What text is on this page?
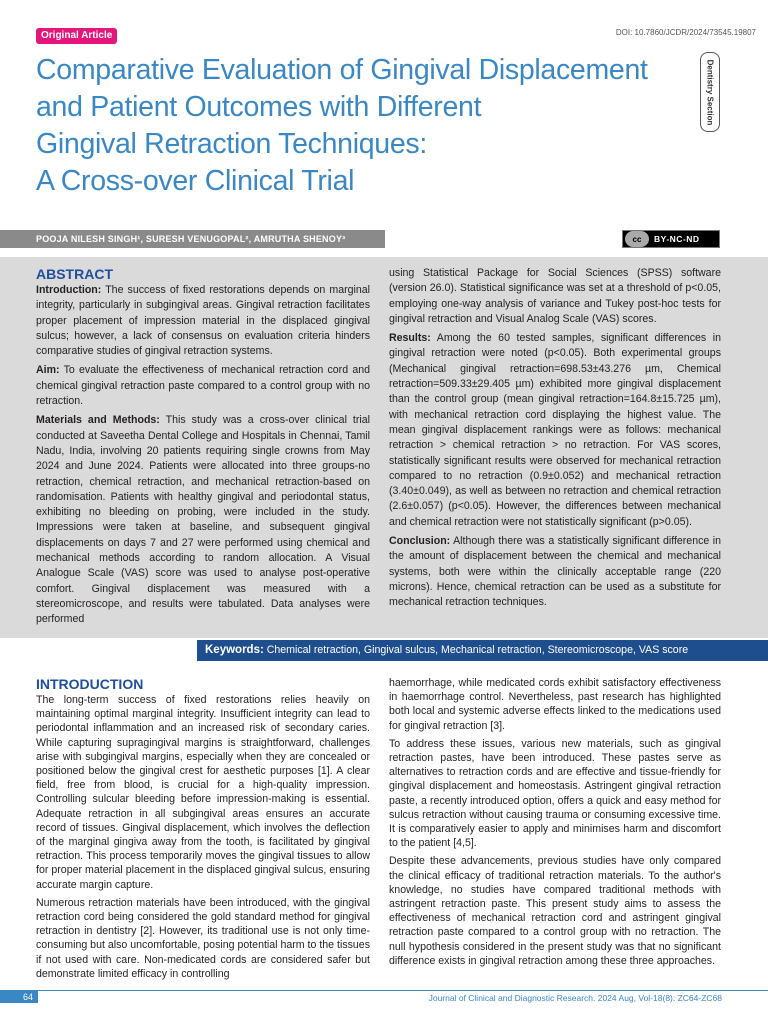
Original Article	DOI: 10.7860/JCDR/2024/73545.19807
Dentistry Section
Comparative Evaluation of Gingival Displacement
and Patient Outcomes with Different
Gingival Retraction Techniques:
A Cross-over Clinical Trial
POOJA NILESH SINGH¹, SURESH VENUGOPAL², AMRUTHA SHENOY³	cc	BY-NC-ND
ABSTRACT

Introduction: The success of fixed restorations depends on marginal integrity, particularly in subgingival areas. Gingival retraction facilitates proper placement of impression material in the displaced gingival sulcus; however, a lack of consensus on evaluation criteria hinders comparative studies of gingival retraction systems.

Aim: To evaluate the effectiveness of mechanical retraction cord and chemical gingival retraction paste compared to a control group with no retraction.

Materials and Methods: This study was a cross-over clinical trial conducted at Saveetha Dental College and Hospitals in Chennai, Tamil Nadu, India, involving 20 patients requiring single crowns from May 2024 and June 2024. Patients were allocated into three groups-no retraction, chemical retraction, and mechanical retraction-based on randomisation. Patients with healthy gingival and periodontal status, exhibiting no bleeding on probing, were included in the study. Impressions were taken at baseline, and subsequent gingival displacements on days 7 and 27 were performed using chemical and mechanical methods according to random allocation. A Visual Analogue Scale (VAS) score was used to analyse post-operative comfort. Gingival displacement was measured with a stereomicroscope, and results were tabulated. Data analyses were performed

using Statistical Package for Social Sciences (SPSS) software (version 26.0). Statistical significance was set at a threshold of p<0.05, employing one-way analysis of variance and Tukey post-hoc tests for gingival retraction and Visual Analog Scale (VAS) scores.

Results: Among the 60 tested samples, significant differences in gingival retraction were noted (p<0.05). Both experimental groups (Mechanical gingival retraction=698.53±43.276 µm, Chemical retraction=509.33±29.405 µm) exhibited more gingival displacement than the control group (mean gingival retraction=164.8±15.725 µm), with mechanical retraction cord displaying the highest value. The mean gingival displacement rankings were as follows: mechanical retraction > chemical retraction > no retraction. For VAS scores, statistically significant results were observed for mechanical retraction compared to no retraction (0.9±0.052) and mechanical retraction (3.40±0.049), as well as between no retraction and chemical retraction (2.6±0.057) (p<0.05). However, the differences between mechanical and chemical retraction were not statistically significant (p>0.05).

Conclusion: Although there was a statistically significant difference in the amount of displacement between the chemical and mechanical systems, both were within the clinically acceptable range (220 microns). Hence, chemical retraction can be used as a substitute for mechanical retraction techniques.

Keywords: Chemical retraction, Gingival sulcus, Mechanical retraction, Stereomicroscope, VAS score
INTRODUCTION

The long-term success of fixed restorations relies heavily on maintaining optimal marginal integrity. Insufficient integrity can lead to periodontal inflammation and an increased risk of secondary caries. While capturing supragingival margins is straightforward, challenges arise with subgingival margins, especially when they are concealed or positioned below the gingival crest for aesthetic purposes [1]. A clear field, free from blood, is crucial for a high-quality impression. Controlling sulcular bleeding before impression-making is essential. Adequate retraction in all subgingival areas ensures an accurate record of tissues. Gingival displacement, which involves the deflection of the marginal gingiva away from the tooth, is facilitated by gingival retraction. This process temporarily moves the gingival tissues to allow for proper material placement in the displaced gingival sulcus, ensuring accurate margin capture.

Numerous retraction materials have been introduced, with the gingival retraction cord being considered the gold standard method for gingival retraction in dentistry [2]. However, its traditional use is not only time-consuming but also uncomfortable, posing potential harm to the tissues if not used with care. Non-medicated cords are considered safer but demonstrate limited efficacy in controlling

haemorrhage, while medicated cords exhibit satisfactory effectiveness in haemorrhage control. Nevertheless, past research has highlighted both local and systemic adverse effects linked to the medications used for gingival retraction [3].

To address these issues, various new materials, such as gingival retraction pastes, have been introduced. These pastes serve as alternatives to retraction cords and are effective and tissue-friendly for gingival displacement and homeostasis. Astringent gingival retraction paste, a recently introduced option, offers a quick and easy method for sulcus retraction without causing trauma or consuming excessive time. It is comparatively easier to apply and minimises harm and discomfort to the patient [4,5].

Despite these advancements, previous studies have only compared the clinical efficacy of traditional retraction materials. To the author's knowledge, no studies have compared traditional methods with astringent retraction paste. This present study aims to assess the effectiveness of mechanical retraction cord and astringent gingival retraction paste compared to a control group with no retraction. The null hypothesis considered in the present study was that no significant difference exists in gingival retraction among these three approaches.

64	Journal of Clinical and Diagnostic Research. 2024 Aug, Vol-18(8): ZC64-ZC68
